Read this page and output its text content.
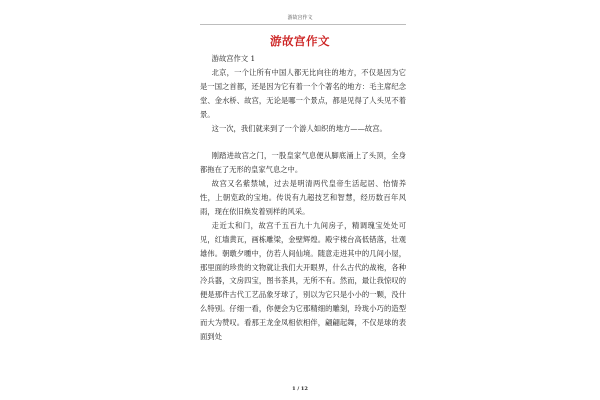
游故宫作文
游故宫作文

游故宫作文 1

北京，一个让所有中国人都无比向往的地方，不仅是因为它是一国之首都，还是因为它有着一个个著名的地方：毛主席纪念堂、金水桥、故宫，无论是哪一个景点，都是见得了人头见不着景。

这一次，我们就来到了一个游人如织的地方——故宫。

刚踏进故宫之门，一股皇家气息便从脚底涌上了头顶，全身都拖在了无形的皇家气息之中。

故宫又名紫禁城，过去是明清两代皇帝生活起居、怡情养性，上朝览政的宝地。传说有九超技艺和智慧，经历数百年风雨，现在依旧焕发着别样的风采。

走近太和门，故宫千五百九十九间房子，精调瑰宝处处可见，红墙黄瓦，画栋雕梁，金壁辉煌。殿宇楼台高低错落，壮观雄伟。朝暾夕曛中，仿若人间仙境。随意走进其中的几间小屋，那里面的珍贵的文物就让我们大开眼界，什么古代的战袍，各种冷兵器，文房四宝，图书茶具，无所不有。然而，最让我惊叹的便是那件古代工艺品象牙球了，别以为它只是小小的一颗，没什么特别。仔细一看，你便会为它那精细的雕刻，玲珑小巧的造型而大为赞叹。看那王龙金凤相依相伴，翩翩起舞，不仅是球的表面到处

1 / 12
